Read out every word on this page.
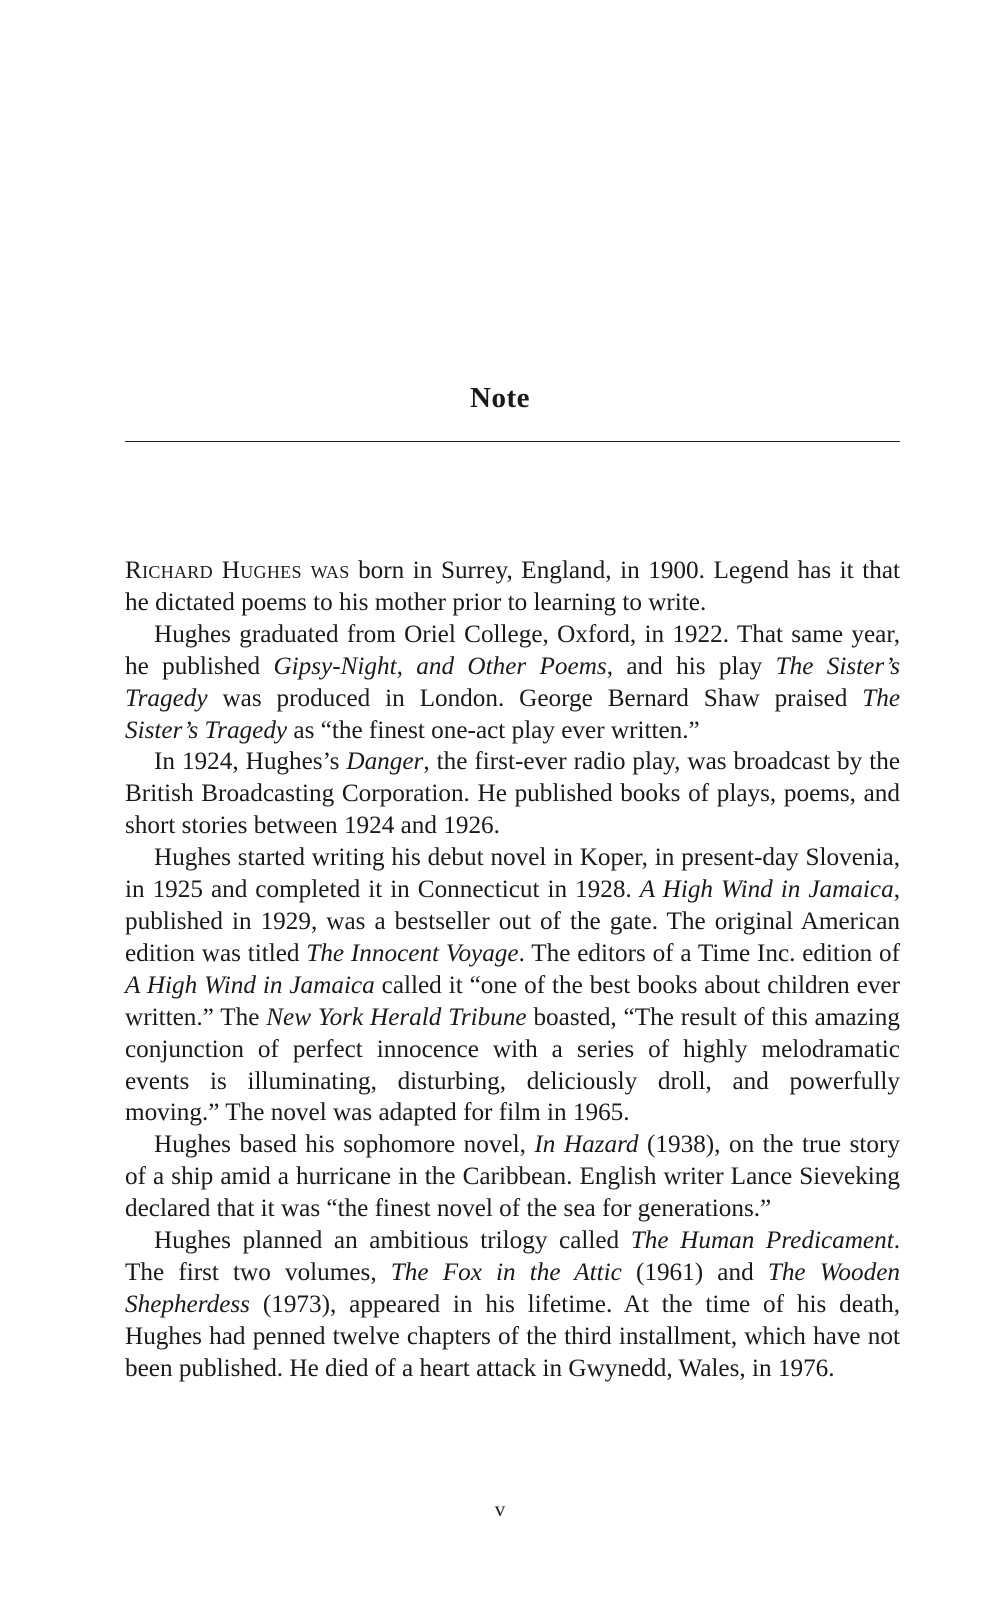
Note

Richard Hughes was born in Surrey, England, in 1900. Legend has it that he dictated poems to his mother prior to learning to write.

Hughes graduated from Oriel College, Oxford, in 1922. That same year, he published Gipsy-Night, and Other Poems, and his play The Sister’s Tragedy was produced in London. George Bernard Shaw praised The Sister’s Tragedy as “the finest one-act play ever written.”

In 1924, Hughes’s Danger, the first-ever radio play, was broadcast by the British Broadcasting Corporation. He published books of plays, poems, and short stories between 1924 and 1926.

Hughes started writing his debut novel in Koper, in present-day Slovenia, in 1925 and completed it in Connecticut in 1928. A High Wind in Jamaica, published in 1929, was a bestseller out of the gate. The original American edition was titled The Innocent Voyage. The editors of a Time Inc. edition of A High Wind in Jamaica called it “one of the best books about children ever written.” The New York Herald Tribune boasted, “The result of this amazing conjunction of perfect innocence with a series of highly melodramatic events is illuminating, disturbing, deliciously droll, and powerfully moving.” The novel was adapted for film in 1965.

Hughes based his sophomore novel, In Hazard (1938), on the true story of a ship amid a hurricane in the Caribbean. English writer Lance Sieveking declared that it was “the finest novel of the sea for generations.”

Hughes planned an ambitious trilogy called The Human Predicament. The first two volumes, The Fox in the Attic (1961) and The Wooden Shepherdess (1973), appeared in his lifetime. At the time of his death, Hughes had penned twelve chapters of the third installment, which have not been published. He died of a heart attack in Gwynedd, Wales, in 1976.

v
